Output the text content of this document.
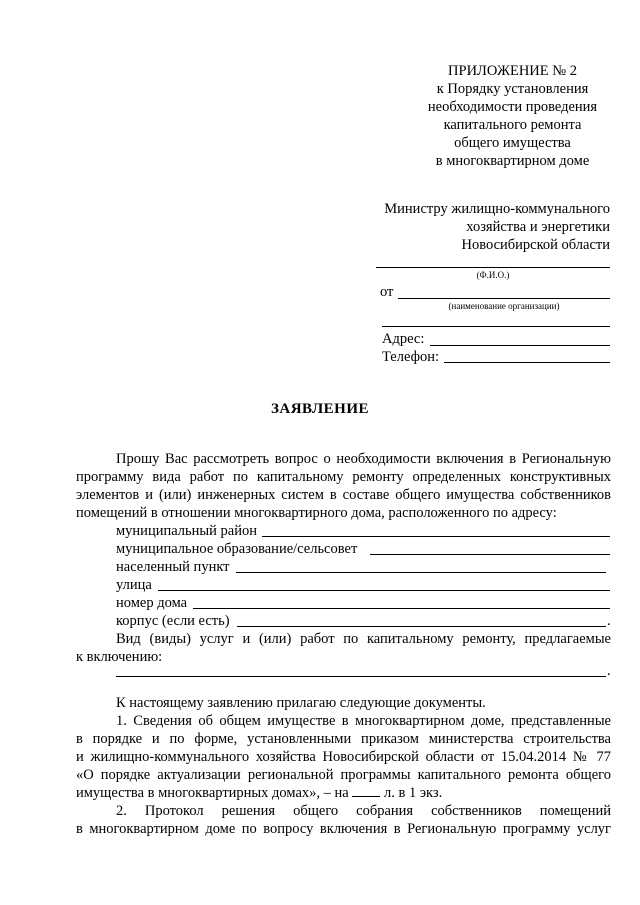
ПРИЛОЖЕНИЕ № 2
к Порядку установления
необходимости проведения
капитального ремонта
общего имущества
в многоквартирном доме
Министру жилищно-коммунального
хозяйства и энергетики
Новосибирской области
(Ф.И.О.)
от
(наименование организации)
Адрес:
Телефон:
ЗАЯВЛЕНИЕ
Прошу Вас рассмотреть вопрос о необходимости включения в Региональную
программу вида работ по капитальному ремонту определенных конструктивных
элементов и (или) инженерных систем в составе общего имущества собственников
помещений в отношении многоквартирного дома, расположенного по адресу:
муниципальный район
муниципальное образование/сельсовет
населенный пункт
улица
номер дома
корпус (если есть)	.
Вид (виды) услуг и (или) работ по капитальному ремонту, предлагаемые
к включению:
.
К настоящему заявлению прилагаю следующие документы.
1. Сведения об общем имуществе в многоквартирном доме, представленные
в порядке и по форме, установленными приказом министерства строительства
и жилищно-коммунального хозяйства Новосибирской области от 15.04.2014 № 77
«О порядке актуализации региональной программы капитального ремонта общего
имущества в многоквартирных домах», – на л. в 1 экз.
2. Протокол решения общего собрания собственников помещений
в многоквартирном доме по вопросу включения в Региональную программу услуг
